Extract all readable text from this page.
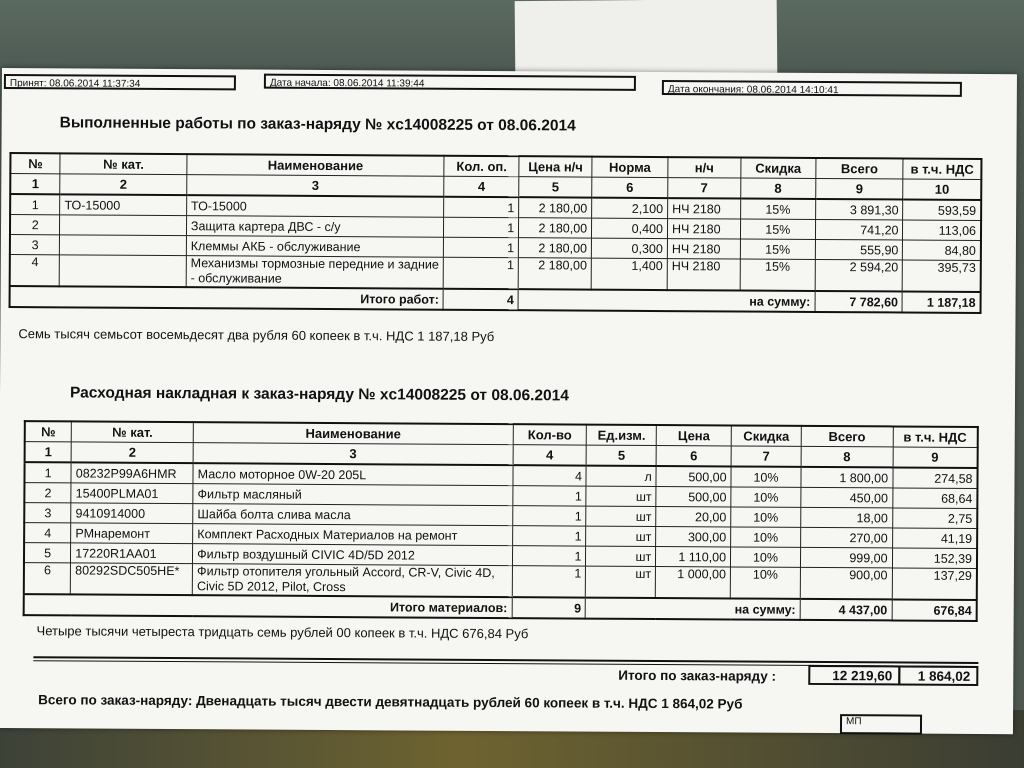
Принят: 08.06.2014 11:37:34	Дата начала: 08.06.2014 11:39:44
Дата окончания: 08.06.2014 14:10:41
Выполненные работы по заказ-наряду № xc14008225 от 08.06.2014
№	№ кат.	Наименование	Кол. оп.	Цена н/ч	Норма	н/ч	Скидка	Всего	в т.ч. НДС
1	2	3	4	5	6	7	8	9	10
1	ТО-15000	ТО-15000	1	2 180,00	2,100	НЧ 2180	15%	3 891,30	593,59
2		Защита картера ДВС - с/у	1	2 180,00	0,400	НЧ 2180	15%	741,20	113,06
3		Клеммы АКБ - обслуживание	1	2 180,00	0,300	НЧ 2180	15%	555,90	84,80
4		Механизмы тормозные передние и задние - обслуживание	1	2 180,00	1,400	НЧ 2180	15%	2 594,20	395,73
Итого работ:			4	на сумму:				7 782,60	1 187,18
Семь тысяч семьсот восемьдесят два рубля 60 копеек в т.ч. НДС 1 187,18 Руб
Расходная накладная к заказ-наряду № xc14008225 от 08.06.2014
№	№ кат.	Наименование	Кол-во	Ед.изм.	Цена	Скидка	Всего	в т.ч. НДС
1	2	3	4	5	6	7	8	9
1	08232P99A6HMR	Масло моторное 0W-20 205L	4	л	500,00	10%	1 800,00	274,58
2	15400PLMA01	Фильтр масляный	1	шт	500,00	10%	450,00	68,64
3	9410914000	Шайба болта слива масла	1	шт	20,00	10%	18,00	2,75
4	РМнаремонт	Комплект Расходных Материалов на ремонт	1	шт	300,00	10%	270,00	41,19
5	17220R1AA01	Фильтр воздушный CIVIC 4D/5D 2012	1	шт	1 110,00	10%	999,00	152,39
6	80292SDC505HE*	Фильтр отопителя угольный Accord, CR-V, Civic 4D, Civic 5D 2012, Pilot, Cross	1	шт	1 000,00	10%	900,00	137,29
Итого материалов:			9	на сумму:			4 437,00	676,84
Четыре тысячи четыреста тридцать семь рублей 00 копеек в т.ч. НДС 676,84 Руб
Итого по заказ-наряду :	12 219,60	1 864,02
Всего по заказ-наряду: Двенадцать тысяч двести девятнадцать рублей 60 копеек в т.ч. НДС 1 864,02 Руб
МП
